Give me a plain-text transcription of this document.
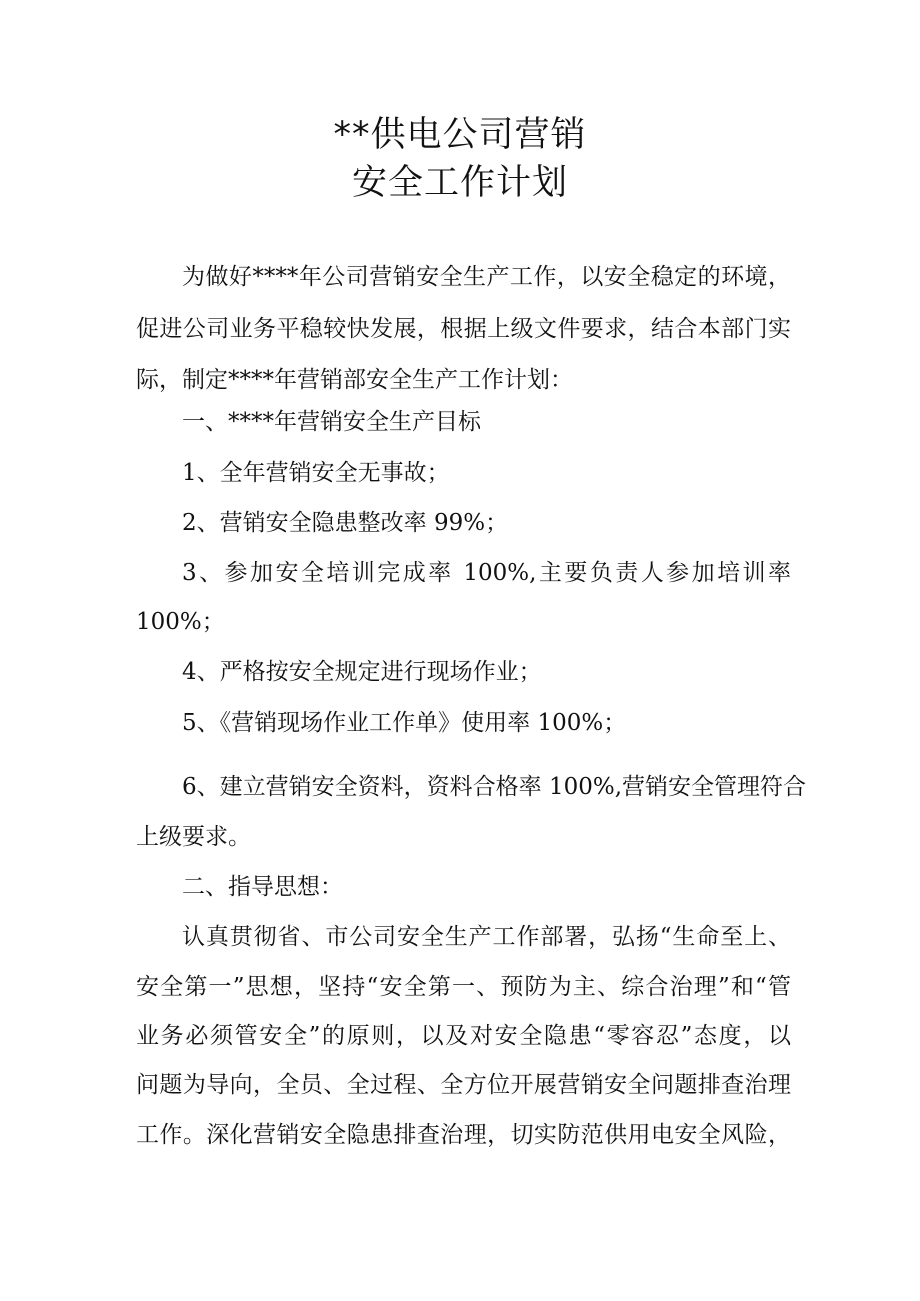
**供电公司营销
安全工作计划
为做好****年公司营销安全生产工作，以安全稳定的环境，
促进公司业务平稳较快发展，根据上级文件要求，结合本部门实
际，制定****年营销部安全生产工作计划：
一、****年营销安全生产目标
1、全年营销安全无事故；
2、营销安全隐患整改率 99%；
3、参加安全培训完成率 100%,主要负责人参加培训率
100%；
4、严格按安全规定进行现场作业；
5、《营销现场作业工作单》使用率 100%；
6、建立营销安全资料，资料合格率 100%,营销安全管理符合
上级要求。
二、指导思想：
认真贯彻省、市公司安全生产工作部署，弘扬“生命至上、
安全第一”思想，坚持“安全第一、预防为主、综合治理”和“管
业务必须管安全”的原则，以及对安全隐患“零容忍”态度，以
问题为导向，全员、全过程、全方位开展营销安全问题排查治理
工作。深化营销安全隐患排查治理，切实防范供用电安全风险，
